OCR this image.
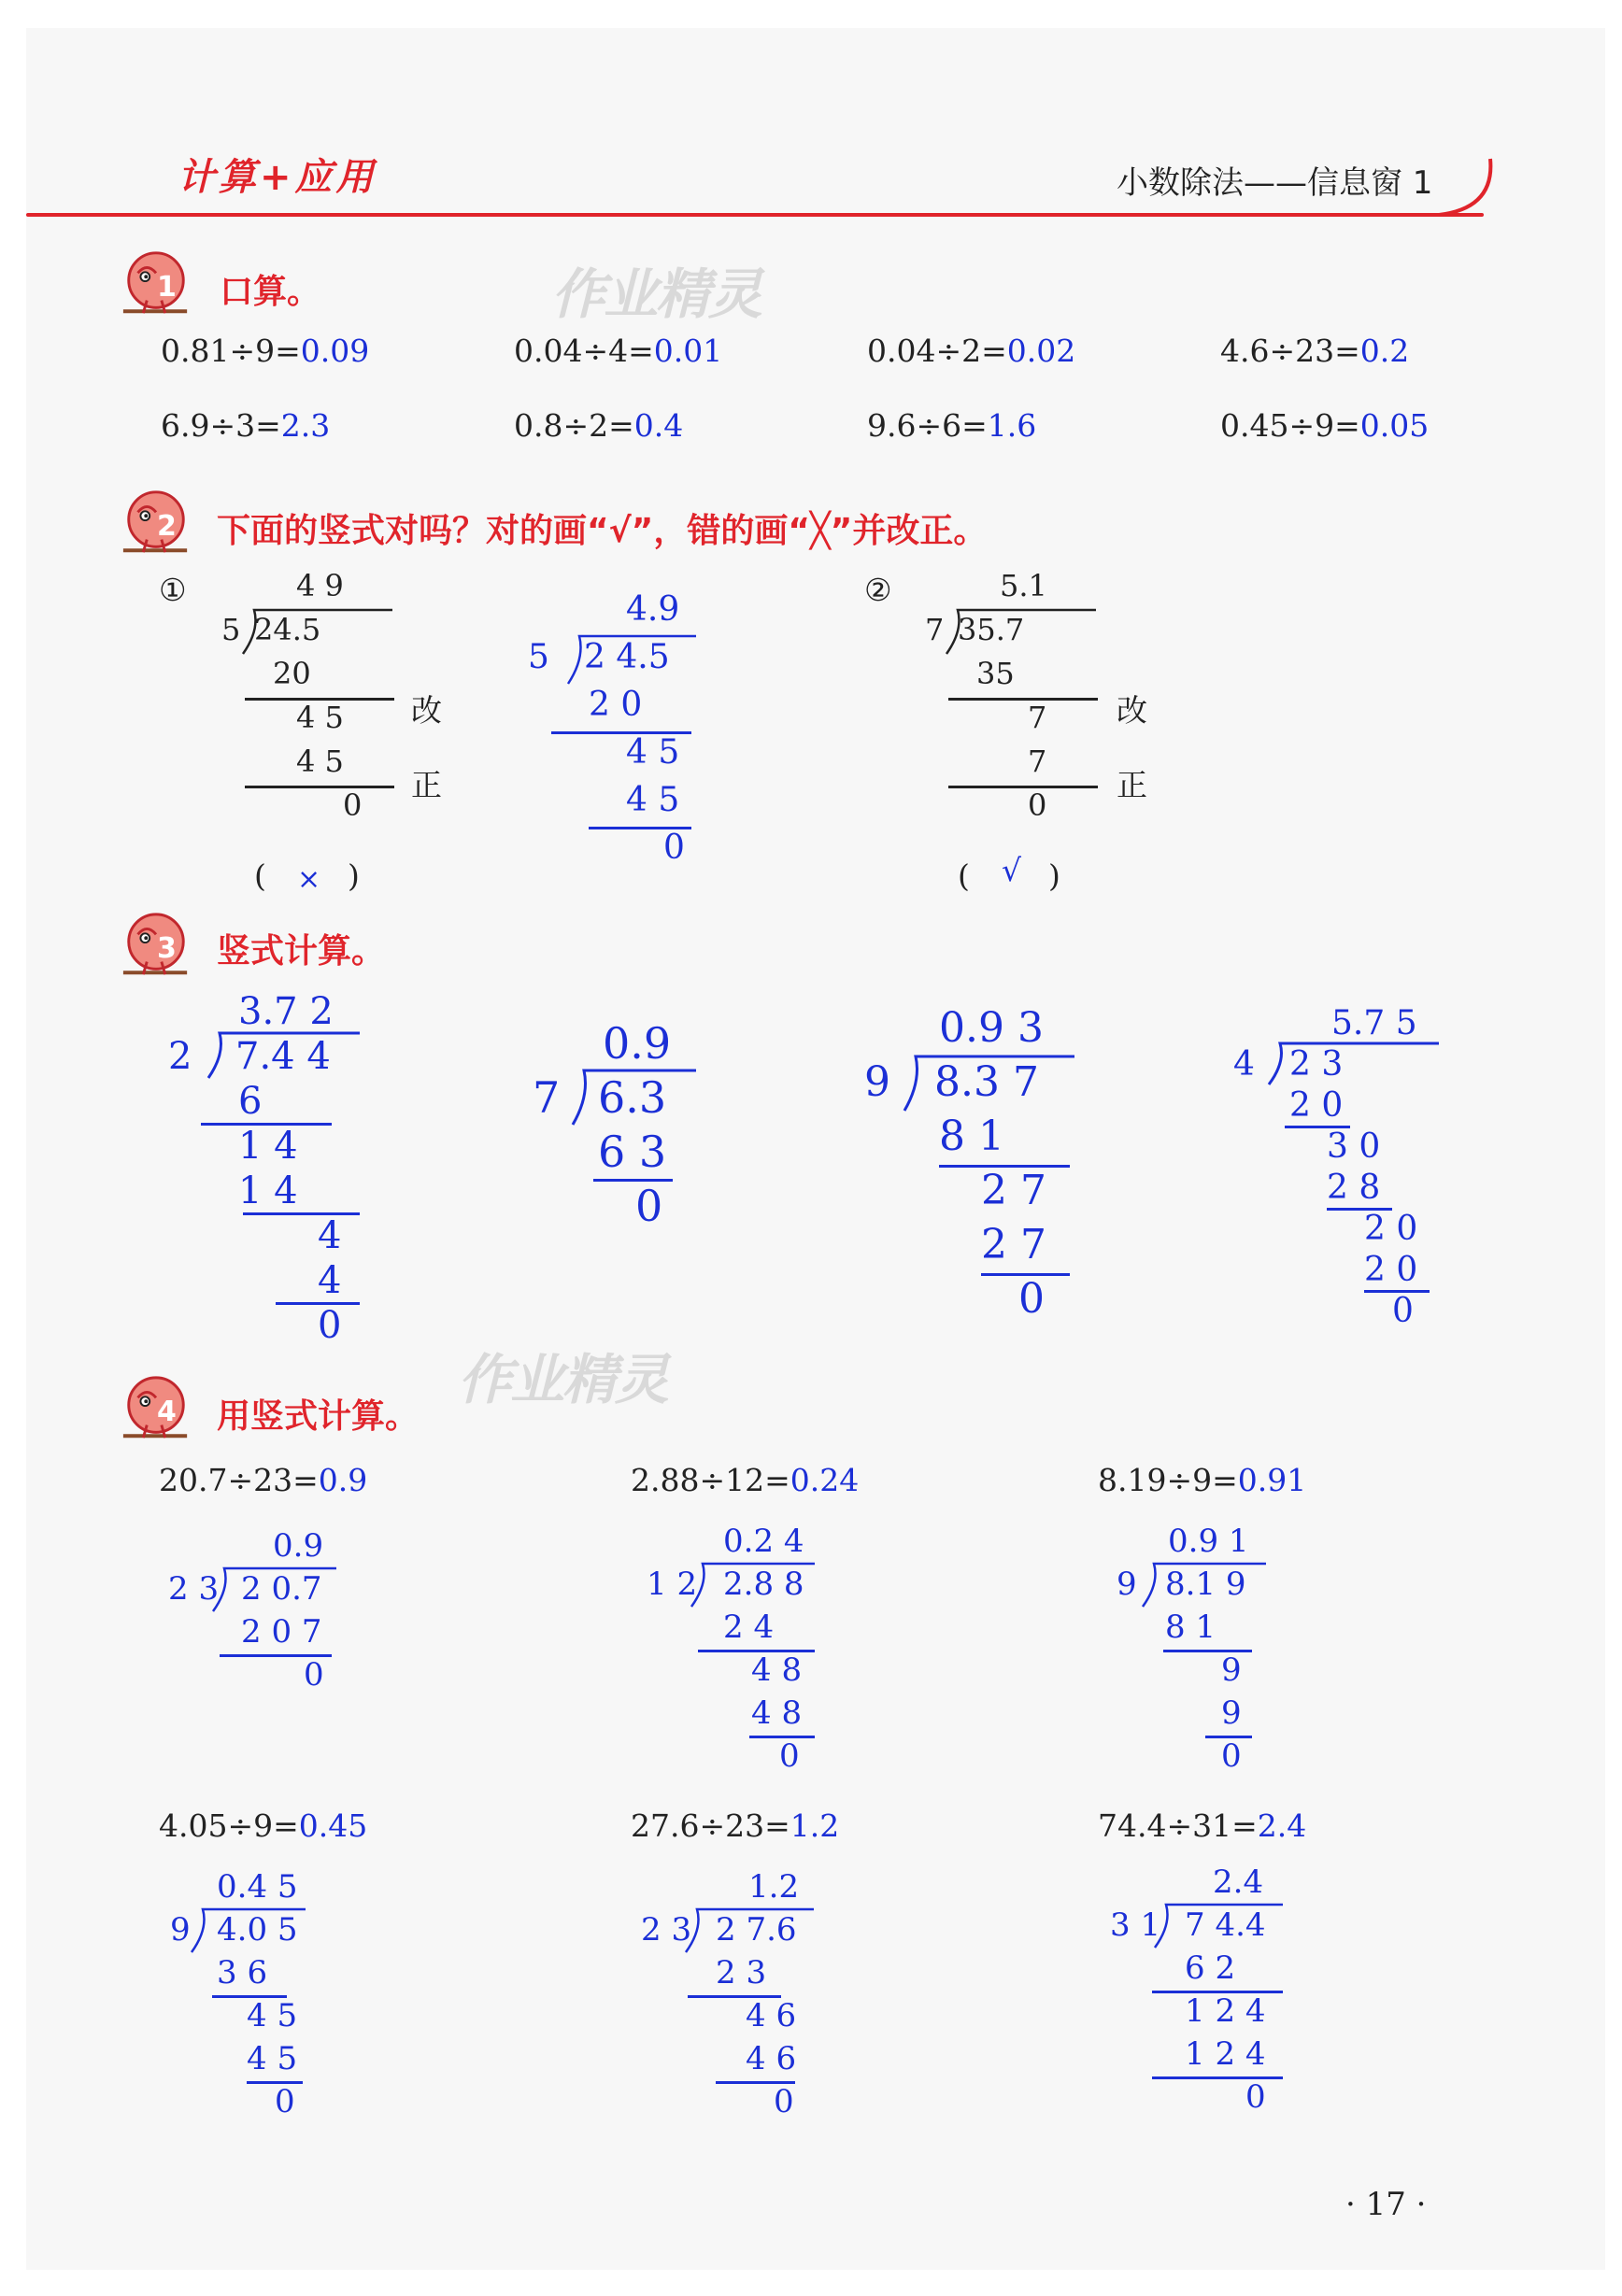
计算+应用	小数除法——信息窗 1
作业精灵
作业精灵
1 口算。
0.81÷9=0.09	0.04÷4=0.01	0.04÷2=0.02	4.6÷23=0.2
6.9÷3=2.3	0.8÷2=0.4	9.6÷6=1.6	0.45÷9=0.05
2 下面的竖式对吗？对的画“√”，错的画“╳”并改正。
①	4 9
5 24.5
20
4 5
4 5
0
改
正
( × )
4.9
5 2 4.5
2 0
4 5
4 5
0
②	5.1
7 35.7
35
7
7
0
改
正
( √ )
3 竖式计算。
3.7 2
2 7.4 4
6
1 4
1 4
4
4
0
0.9
7 6.3
6 3
0
0.9 3
9 8.3 7
8 1
2 7
2 7
0
5.7 5
4 2 3
2 0
3 0
2 8
2 0
2 0
0
4 用竖式计算。
20.7÷23=0.9	2.88÷12=0.24	8.19÷9=0.91
4.05÷9=0.45	27.6÷23=1.2	74.4÷31=2.4
0.9
2 3 2 0.7
2 0 7
0
0.2 4
1 2 2.8 8
2 4
4 8
4 8
0
0.9 1
9 8.1 9
8 1
9
9
0
0.4 5
9 4.0 5
3 6
4 5
4 5
0
1.2
2 3 2 7.6
2 3
4 6
4 6
0
2.4
3 1 7 4.4
6 2
1 2 4
1 2 4
0
· 17 ·
